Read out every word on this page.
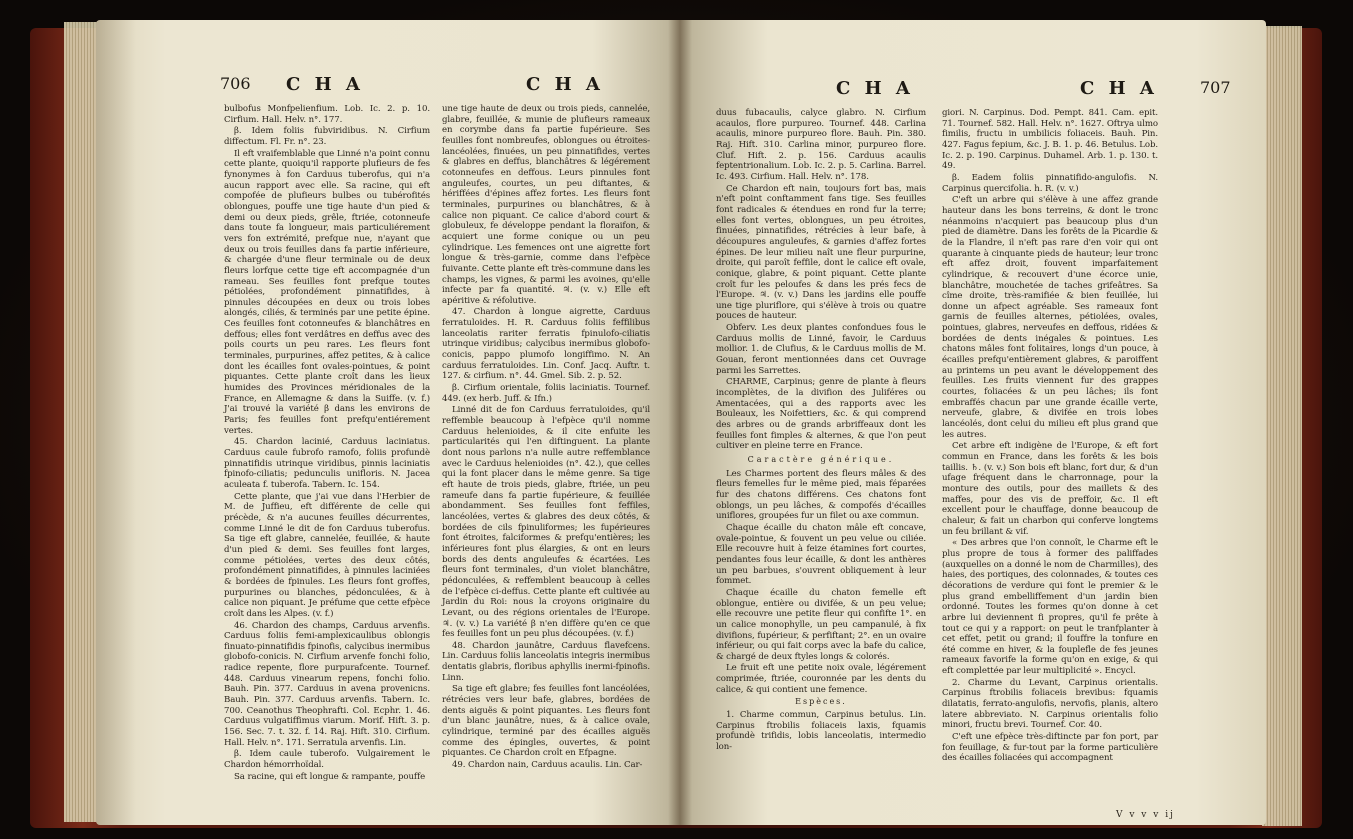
706 C H A	C H A

bulbofus Monfpelienfium. Lob. Ic. 2. p. 10. Cirfium. Hall. Helv. n°. 177.

β. Idem foliis fubviridibus. N. Cirfium diffectum. Fl. Fr. n°. 23.

Il eft vraifemblable que Linné n'a point connu cette plante, quoiqu'il rapporte plufieurs de fes fynonymes à fon Carduus tuberofus, qui n'a aucun rapport avec elle. Sa racine, qui eft compofée de plufieurs bulbes ou tubérofités oblongues, pouffe une tige haute d'un pied & demi ou deux pieds, grêle, ftriée, cotonneufe dans toute fa longueur, mais particuliérement vers fon extrémité, prefque nue, n'ayant que deux ou trois feuilles dans fa partie inférieure, & chargée d'une fleur terminale ou de deux fleurs lorfque cette tige eft accompagnée d'un rameau. Ses feuilles font prefque toutes pétiolées, profondément pinnatifides, à pinnules découpées en deux ou trois lobes alongés, ciliés, & terminés par une petite épine. Ces feuilles font cotonneufes & blanchâtres en deffous; elles font verdâtres en deffus avec des poils courts un peu rares. Les fleurs font terminales, purpurines, affez petites, & à calice dont les écailles font ovales-pointues, & point piquantes. Cette plante croît dans les lieux humides des Provinces méridionales de la France, en Allemagne & dans la Suiffe. (v. f.) J'ai trouvé la variété β dans les environs de Paris; fes feuilles font prefqu'entiérement vertes.

45. Chardon lacinié, Carduus laciniatus. Carduus caule fubrofo ramofo, foliis profundè pinnatifidis utrinque viridibus, pinnis laciniatis fpinofo-ciliatis; pedunculis unifloris. N. Jacea aculeata f. tuberofa. Tabern. Ic. 154.

Cette plante, que j'ai vue dans l'Herbier de M. de Juffieu, eft différente de celle qui précède, & n'a aucunes feuilles décurrentes, comme Linné le dit de fon Carduus tuberofus. Sa tige eft glabre, cannelée, feuillée, & haute d'un pied & demi. Ses feuilles font larges, comme pétiolées, vertes des deux côtés, profondément pinnatifides, à pinnules laciniées & bordées de fpinules. Les fleurs font groffes, purpurines ou blanches, pédonculées, & à calice non piquant. Je préfume que cette efpèce croît dans les Alpes. (v. f.)

46. Chardon des champs, Carduus arvenfis. Carduus foliis femi-amplexicaulibus oblongis finuato-pinnatifidis fpinofis, calycibus inermibus globofo-conicis. N. Cirfium arvenfe fonchi folio, radice repente, flore purpurafcente. Tournef. 448. Carduus vinearum repens, fonchi folio. Bauh. Pin. 377. Carduus in avena provenicns. Bauh. Pin. 377. Carduus arvenfis. Tabern. Ic. 700. Ceanothus Theophrafti. Col. Ecphr. 1. 46. Carduus vulgatiffimus viarum. Morif. Hift. 3. p. 156. Sec. 7. t. 32. f. 14. Raj. Hift. 310. Cirfium. Hall. Helv. n°. 171. Serratula arvenfis. Lin.

β. Idem caule tuberofo. Vulgairement le Chardon hémorrhoïdal.

Sa racine, qui eft longue & rampante, pouffe

une tige haute de deux ou trois pieds, cannelée, glabre, feuillée, & munie de plufieurs rameaux en corymbe dans fa partie fupérieure. Ses feuilles font nombreufes, oblongues ou étroites-lancéolées, finuées, un peu pinnatifides, vertes & glabres en deffus, blanchâtres & légérement cotonneufes en deffous. Leurs pinnules font anguleufes, courtes, un peu diftantes, & hériffées d'épines affez fortes. Les fleurs font terminales, purpurines ou blanchâtres, & à calice non piquant. Ce calice d'abord court & globuleux, fe développe pendant la floraifon, & acquiert une forme conique ou un peu cylindrique. Les femences ont une aigrette fort longue & très-garnie, comme dans l'efpèce fuivante. Cette plante eft très-commune dans les champs, les vignes, & parmi les avoines, qu'elle infecte par fa quantité. ♃. (v. v.) Elle eft apéritive & réfolutive.

47. Chardon à longue aigrette, Carduus ferratuloides. H. R. Carduus foliis feffilibus lanceolatis rariter ferratis fpinulofo-ciliatis utrinque viridibus; calycibus inermibus globofo-conicis, pappo plumofo longiffimo. N. An carduus ferratuloides. Lin. Conf. Jacq. Auftr. t. 127. & cirfium. n°. 44. Gmel. Sib. 2. p. 52.

β. Cirfium orientale, foliis laciniatis. Tournef. 449. (ex herb. Juff. & Ifn.)

Linné dit de fon Carduus ferratuloides, qu'il reffemble beaucoup à l'efpèce qu'il nomme Carduus helenioides, & il cite enfuite les particularités qui l'en diftinguent. La plante dont nous parlons n'a nulle autre reffemblance avec le Carduus helenioides (n°. 42.), que celles qui la font placer dans le même genre. Sa tige eft haute de trois pieds, glabre, ftriée, un peu rameufe dans fa partie fupérieure, & feuillée abondamment. Ses feuilles font feffiles, lancéolées, vertes & glabres des deux côtés, & bordées de cils fpinuliformes; les fupérieures font étroites, falciformes & prefqu'entières; les inférieures font plus élargies, & ont en leurs bords des dents anguleufes & écartées. Les fleurs font terminales, d'un violet blanchâtre, pédonculées, & reffemblent beaucoup à celles de l'efpèce ci-deffus. Cette plante eft cultivée au Jardin du Roi: nous la croyons originaire du Levant, ou des régions orientales de l'Europe. ♃. (v. v.) La variété β n'en diffère qu'en ce que fes feuilles font un peu plus découpées. (v. f.)

48. Chardon jaunâtre, Carduus flavefcens. Lin. Carduus foliis lanceolatis integris inermibus dentatis glabris, floribus aphyllis inermi-fpinofis. Linn.

Sa tige eft glabre; fes feuilles font lancéolées, rétrécies vers leur bafe, glabres, bordées de dents aiguës & point piquantes. Les fleurs font d'un blanc jaunâtre, nues, & à calice ovale, cylindrique, terminé par des écailles aiguës comme des épingles, ouvertes, & point piquantes. Ce Chardon croît en Efpagne.

49. Chardon nain, Carduus acaulis. Lin. Car-

C H A	C H A	707

duus fubacaulis, calyce glabro. N. Cirfium acaulos, flore purpureo. Tournef. 448. Carlina acaulis, minore purpureo flore. Bauh. Pin. 380. Raj. Hift. 310. Carlina minor, purpureo flore. Cluf. Hift. 2. p. 156. Carduus acaulis feptentrionalium. Lob. Ic. 2. p. 5. Carlina. Barrel. Ic. 493. Cirfium. Hall. Helv. n°. 178.

Ce Chardon eft nain, toujours fort bas, mais n'eft point conftamment fans tige. Ses feuilles font radicales & étendues en rond fur la terre; elles font vertes, oblongues, un peu étroites, finuées, pinnatifides, rétrécies à leur bafe, à découpures anguleufes, & garnies d'affez fortes épines. De leur milieu naît une fleur purpurine, droite, qui paroît feffile, dont le calice eft ovale, conique, glabre, & point piquant. Cette plante croît fur les peloufes & dans les prés fecs de l'Europe. ♃. (v. v.) Dans les jardins elle pouffe une tige pluriflore, qui s'élève à trois ou quatre pouces de hauteur.

Obferv. Les deux plantes confondues fous le Carduus mollis de Linné, favoir, le Carduus mollior. 1. de Clufius, & le Carduus mollis de M. Gouan, feront mentionnées dans cet Ouvrage parmi les Sarrettes.

CHARME, Carpinus; genre de plante à fleurs incomplètes, de la divifion des Juliféres ou Amentacées, qui a des rapports avec les Bouleaux, les Noifettiers, &c. & qui comprend des arbres ou de grands arbriffeaux dont les feuilles font fimples & alternes, & que l'on peut cultiver en pleine terre en France.

Caractère générique.

Les Charmes portent des fleurs mâles & des fleurs femelles fur le même pied, mais féparées fur des chatons différens. Ces chatons font oblongs, un peu lâches, & compofés d'écailles uniflores, groupées fur un filet ou axe commun.

Chaque écaille du chaton mâle eft concave, ovale-pointue, & fouvent un peu velue ou ciliée. Elle recouvre huit à feize étamines fort courtes, pendantes fous leur écaille, & dont les anthères un peu barbues, s'ouvrent obliquement à leur fommet.

Chaque écaille du chaton femelle eft oblongue, entière ou divifée, & un peu velue; elle recouvre une petite fleur qui confifte 1°. en un calice monophylle, un peu campanulé, à fix divifions, fupérieur, & perfiftant; 2°. en un ovaire inférieur, ou qui fait corps avec la bafe du calice, & chargé de deux ftyles longs & colorés.

Le fruit eft une petite noix ovale, légérement comprimée, ftriée, couronnée par les dents du calice, & qui contient une femence.

Espèces.

1. Charme commun, Carpinus betulus. Lin. Carpinus ftrobilis foliaceis laxis, fquamis profundè trifidis, lobis lanceolatis, intermedio lon-

giori. N. Carpinus. Dod. Pempt. 841. Cam. epit. 71. Tournef. 582. Hall. Helv. n°. 1627. Oftrya ulmo fimilis, fructu in umbilicis foliaceis. Bauh. Pin. 427. Fagus fepium, &c. J. B. 1. p. 46. Betulus. Lob. Ic. 2. p. 190. Carpinus. Duhamel. Arb. 1. p. 130. t. 49.

β. Eadem foliis pinnatifido-angulofis. N. Carpinus quercifolia. h. R. (v. v.)

C'eft un arbre qui s'élève à une affez grande hauteur dans les bons terreins, & dont le tronc néanmoins n'acquiert pas beaucoup plus d'un pied de diamètre. Dans les forêts de la Picardie & de la Flandre, il n'eft pas rare d'en voir qui ont quarante à cinquante pieds de hauteur; leur tronc eft affez droit, fouvent imparfaitement cylindrique, & recouvert d'une écorce unie, blanchâtre, mouchetée de taches grifeâtres. Sa cîme droite, très-ramifiée & bien feuillée, lui donne un afpect agréable. Ses rameaux font garnis de feuilles alternes, pétiolées, ovales, pointues, glabres, nerveufes en deffous, ridées & bordées de dents inégales & pointues. Les chatons mâles font folitaires, longs d'un pouce, à écailles prefqu'entièrement glabres, & paroiffent au printems un peu avant le développement des feuilles. Les fruits viennent fur des grappes courtes, foliacées & un peu lâches; ils font embraffés chacun par une grande écaille verte, nerveufe, glabre, & divifée en trois lobes lancéolés, dont celui du milieu eft plus grand que les autres.

Cet arbre eft indigène de l'Europe, & eft fort commun en France, dans les forêts & les bois taillis. ♄. (v. v.) Son bois eft blanc, fort dur, & d'un ufage fréquent dans le charronnage, pour la monture des outils, pour des maillets & des maffes, pour des vis de preffoir, &c. Il eft excellent pour le chauffage, donne beaucoup de chaleur, & fait un charbon qui conferve longtems un feu brillant & vif.

« Des arbres que l'on connoît, le Charme eft le plus propre de tous à former des paliffades (auxquelles on a donné le nom de Charmilles), des haies, des portiques, des colonnades, & toutes ces décorations de verdure qui font le premier & le plus grand embelliffement d'un jardin bien ordonné. Toutes les formes qu'on donne à cet arbre lui deviennent fi propres, qu'il fe prête à tout ce qui y a rapport: on peut le tranfplanter à cet effet, petit ou grand; il fouffre la tonfure en été comme en hiver, & la fouplefle de fes jeunes rameaux favorife la forme qu'on en exige, & qui eft complettée par leur multiplicité ». Encycl.

2. Charme du Levant, Carpinus orientalis. Carpinus ftrobilis foliaceis brevibus: fquamis dilatatis, ferrato-angulofis, nervofis, planis, altero latere abbreviato. N. Carpinus orientalis folio minori, fructu brevi. Tournef. Cor. 40.

C'eft une efpèce très-diftincte par fon port, par fon feuillage, & fur-tout par la forme particulière des écailles foliacées qui accompagnent

V v v v ij
